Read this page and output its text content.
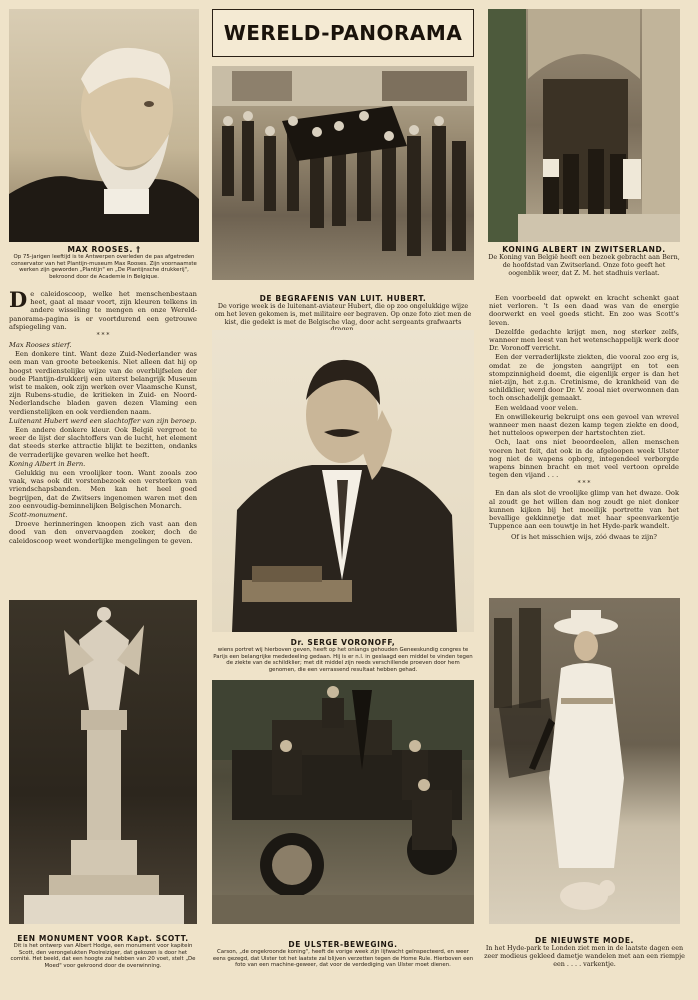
WERELD-PANORAMA
MAX ROOSES. †
Op 75-jarigen leeftijd is te Antwerpen overleden de pas afgetreden conservator van het Plantijn-museum Max Rooses. Zijn voornaamste werken zijn geworden „Plantijn" en „De Plantijnsche drukkerij", bekroond door de Academie in Belgique.
DE BEGRAFENIS VAN LUIT. HUBERT.
De vorige week is de luitenant-aviateur Hubert, die op zoo ongelukkige wijze om het leven gekomen is, met militaire eer begraven. Op onze foto ziet men de kist, die gedekt is met de Belgische vlag, door acht sergeants grafwaarts
KONING ALBERT IN ZWITSERLAND.
De Koning van België heeft een bezoek gebracht aan Bern, de hoofdstad van Zwitserland. Onze foto geeft het oogenblik weer, dat Z. M. het stadhuis verlaat.

De caleidoscoop, welke het menschenbestaan heet, gaat al maar voort, zijn kleuren telkens in andere wisseling te mengen en onze Wereld-panorama-pagina is er voortdurend een getrouwe afspiegeling van.

* * *

Max Rooses stierf.

Een donkere tint. Want deze Zuid-Nederlander was een man van groote beteekenis. Niet alleen dat hij op hoogst verdienstelijke wijze van de overblijfselen der oude Plantijn-drukkerij een uiterst belangrijk Museum wist te maken, ook zijn werken over Vlaamsche Kunst, zijn Rubens-studie, de kritieken in Zuid- en Noord-Nederlandsche bladen gaven dezen Vlaming een verdienstelijken en ook verdienden naam.

Luitenant Hubert werd een slachtoffer van zijn beroep.

Een andere donkere kleur. Ook België vergroot te weer de lijst der slachtoffers van de lucht, het element dat steeds sterke attractie blijkt te bezitten, ondanks de verraderlijke gevaren welke het heeft.

Koning Albert in Bern.

Gelukkig nu een vroolijker toon. Want zooals zoo vaak, was ook dit vorstenbezoek een versterken van vriendschapsbanden. Men kan het heel goed begrijpen, dat de Zwitsers ingenomen waren met den zoo eenvoudig-beminnelijken Belgischen Monarch.

Scott-monument.

Droeve herinneringen knoopen zich vast aan den dood van den onvervaagden zoeker, doch de caleidoscoop weet wonderlijke mengelingen te geven.

Dr. SERGE VORONOFF,
wiens portret wij hierboven geven, heeft op het onlangs gehouden Geneeskundig congres te Parijs een belangrijke mededeeling gedaan. Hij is er n.l. in geslaagd een middel te vinden tegen de ziekte van de schildklier; met dit middel zijn reeds verschillende proeven door hem genomen, die een verrassend resultaat hebben gehad.

Een voorbeeld dat opwekt en kracht schenkt gaat niet verloren. 't Is een daad was van de energie doorwerkt en veel goeds sticht. En zoo was Scott's leven.

Dezelfde gedachte krijgt men, nog sterker zelfs, wanneer men leest van het wetenschappelijk werk door Dr. Voronoff verricht.

Een der verraderlijkste ziekten, die vooral zoo erg is, omdat ze de jongsten aangrijpt en tot een stompzinnigheid doemt, die eigenlijk erger is dan het niet-zijn, het z.g.n. Cretinisme, de krankheid van de schildklier, werd door Dr. V. zooal niet overwonnen dan toch onschadelijk gemaakt.

Een weldaad voor velen.

En onwillekeurig bekruipt ons een gevoel van wrevel wanneer men naast dezen kamp tegen ziekte en dood, het nutteloos opwerpen der hartstochten ziet.

Och, laat ons niet beoordeelen, allen menschen voeren het feit, dat ook in de afgeloopen week Ulster nog niet de wapens opborg, integendeel verborgde wapens binnen bracht en met veel vertoon oprelde tegen den vijand . . .

* * *

En dan als slot de vroolijke glimp van het dwaze. Ook al zoudt ge het willen dan nog zoudt ge niet donker kunnen kijken bij het moeilijk portrette van het bevallige gekkinnetje dat met haar speenvarkentje Tuppence aan een touwtje in het Hyde-park wandelt.

Of is het misschien wijs, zóó dwaas te zijn?

EEN MONUMENT VOOR Kapt. SCOTT.
Dit is het ontwerp van Albert Hodge, een monument voor kapitein Scott, den verongelukten Poolreiziger, dat gekozen is door het comité. Het beeld, dat een hoogte zal hebben van 20 voet, stelt „De Moed" voor gekroond door de overwinning.
DE ULSTER-BEWEGING.
Carson, „de ongekroonde koning", heeft de vorige week zijn lijfwacht geïnspecteerd, en weer eens gezegd, dat Ulster tot het laatste zal blijven verzetten tegen de Home Rule. Hierboven een foto van een machine-geweer, dat voor de verdediging van Ulster moet dienen.
DE NIEUWSTE MODE.
In het Hyde-park te Londen ziet men in de laatste dagen een zeer modieus gekleed dametje wandelen met aan een riempje een . . . . varkentje.
